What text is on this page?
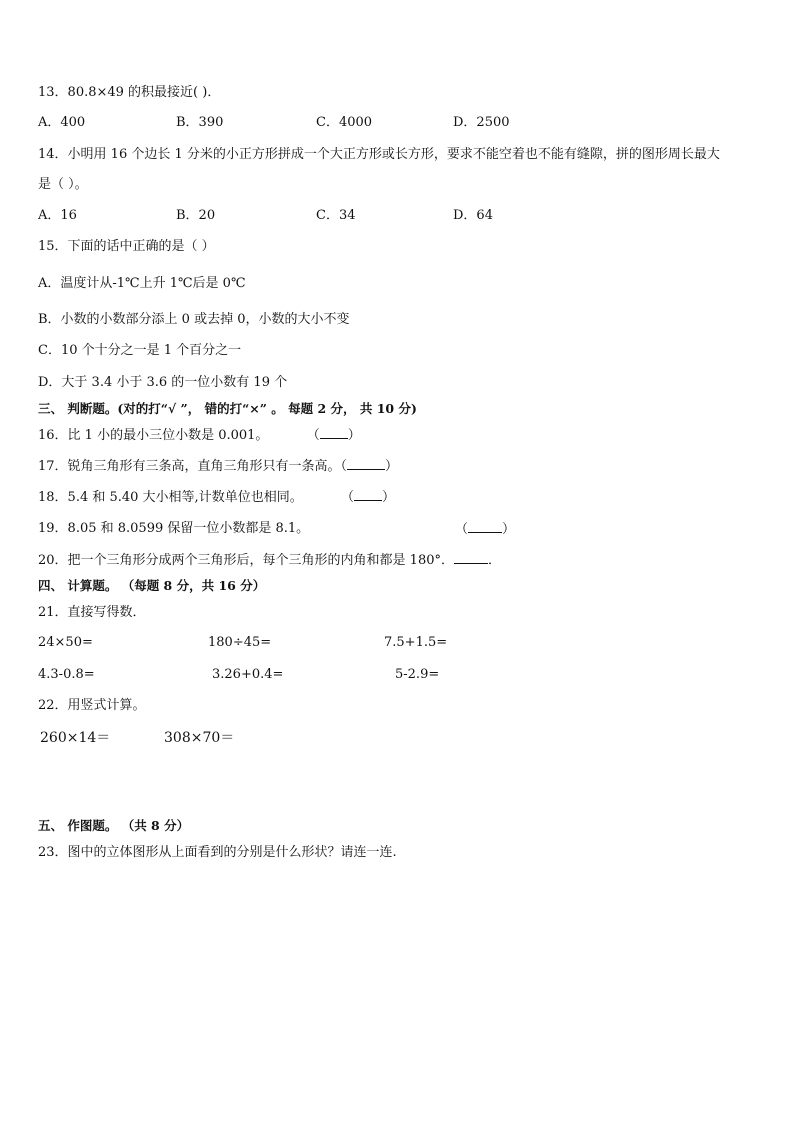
13．80.8×49 的积最接近( )．
A．400	B．390	C．4000	D．2500
14．小明用 16 个边长 1 分米的小正方形拼成一个大正方形或长方形，要求不能空着也不能有缝隙，拼的图形周长最大
是（ ）。
A．16	B．20	C．34	D．64
15．下面的话中正确的是（ ）
A．温度计从-1℃上升 1℃后是 0℃
B．小数的小数部分添上 0 或去掉 0，小数的大小不变
C．10 个十分之一是 1 个百分之一
D．大于 3.4 小于 3.6 的一位小数有 19 个
三、 判断题。(对的打“√ ”， 错的打“×” 。 每题 2 分， 共 10 分)
16．比 1 小的最小三位小数是 0.001。	（ ）
17．锐角三角形有三条高，直角三角形只有一条高。（	）
18．5.4 和 5.40 大小相等,计数单位也相同。	（ ）
19．8.05 和 8.0599 保留一位小数都是 8.1。	（	）
20．把一个三角形分成两个三角形后，每个三角形的内角和都是 180°．	．
四、 计算题。 （每题 8 分，共 16 分）
21．直接写得数．
24×50=	180÷45=	7.5+1.5=
4.3-0.8=	3.26+0.4=	5-2.9=
22．用竖式计算。
260×14＝	308×70＝
五、 作图题。 （共 8 分）
23．图中的立体图形从上面看到的分别是什么形状？请连一连.
